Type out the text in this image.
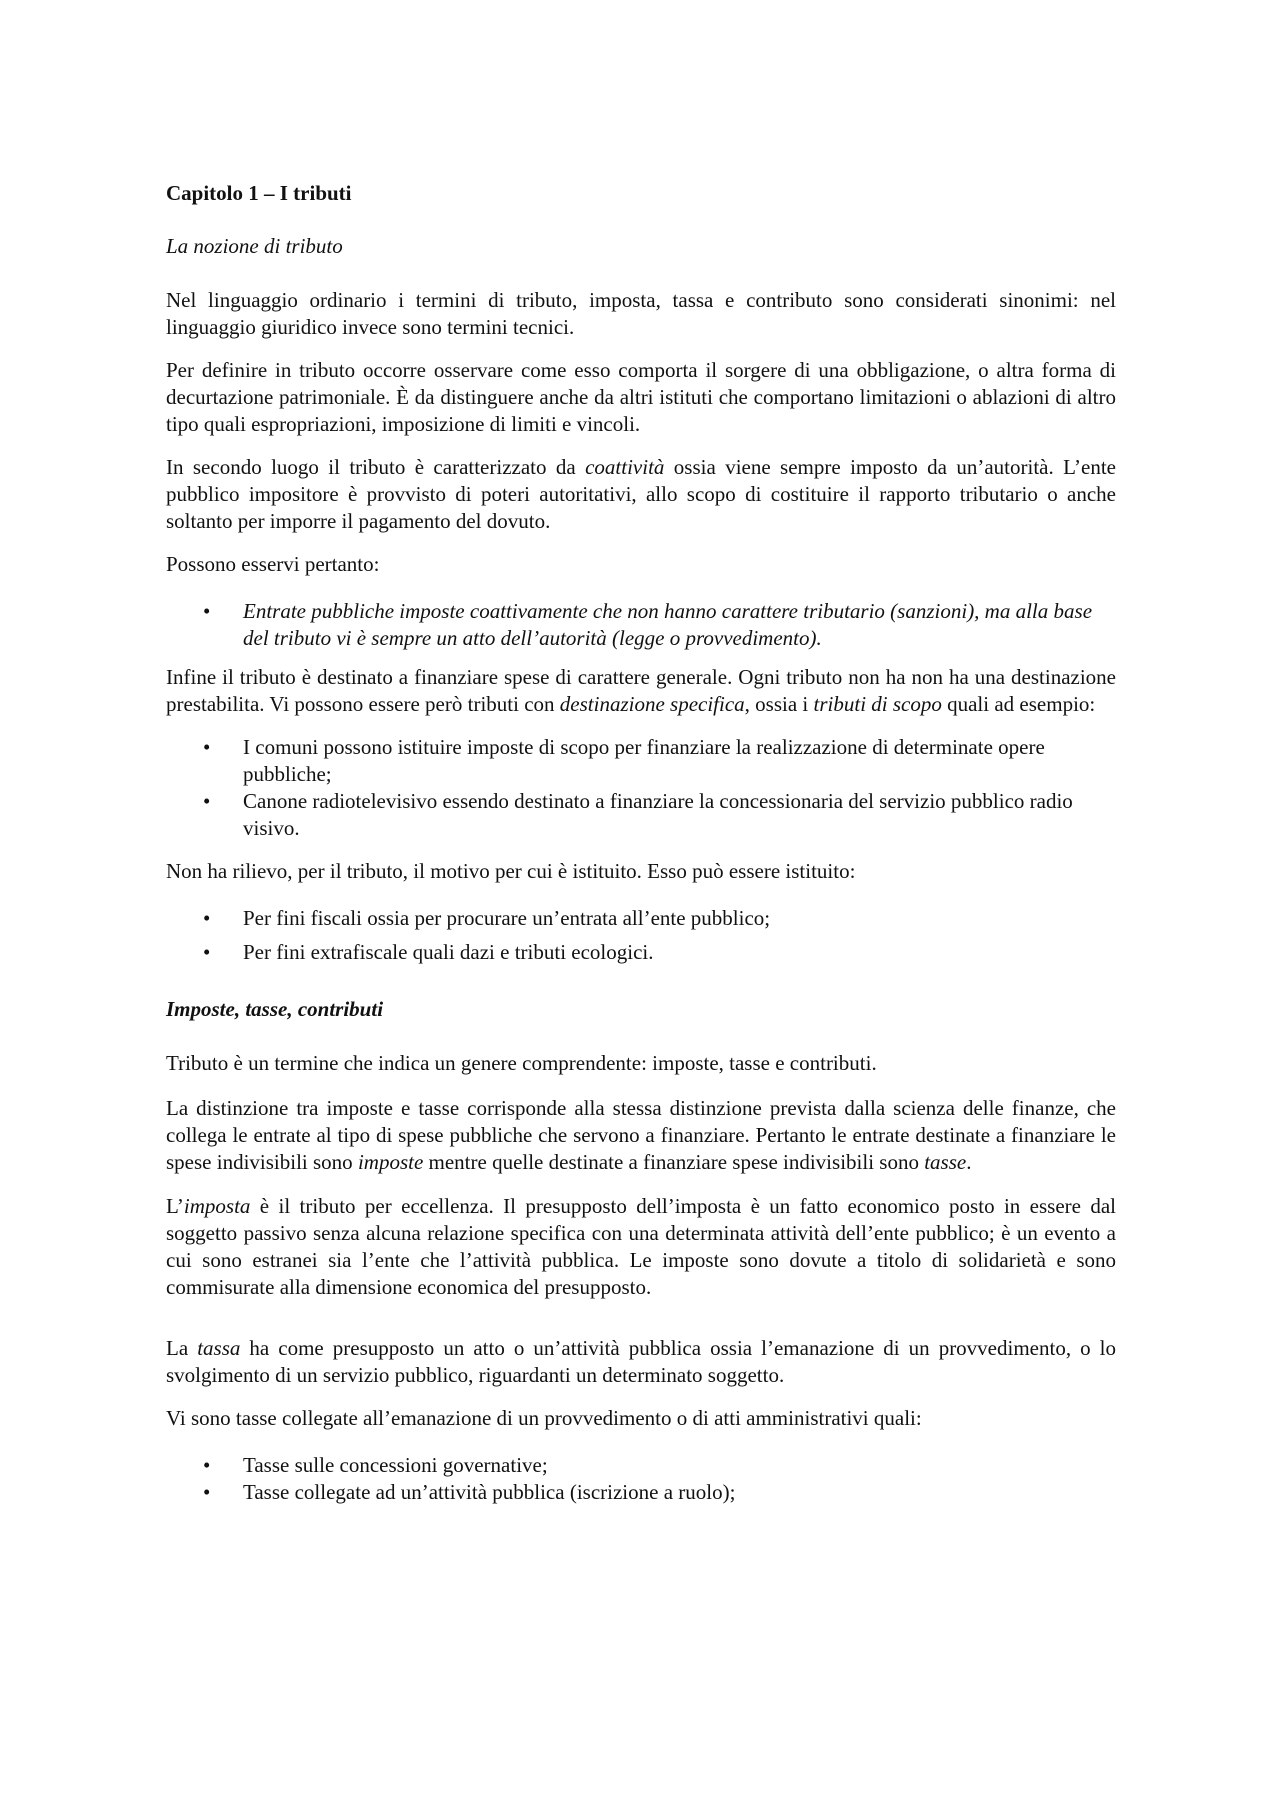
Capitolo 1 – I tributi

La nozione di tributo

Nel linguaggio ordinario i termini di tributo, imposta, tassa e contributo sono considerati sinonimi: nel linguaggio giuridico invece sono termini tecnici.

Per definire in tributo occorre osservare come esso comporta il sorgere di una obbligazione, o altra forma di decurtazione patrimoniale. È da distinguere anche da altri istituti che comportano limitazioni o ablazioni di altro tipo quali espropriazioni, imposizione di limiti e vincoli.

In secondo luogo il tributo è caratterizzato da coattività ossia viene sempre imposto da un’autorità. L’ente pubblico impositore è provvisto di poteri autoritativi, allo scopo di costituire il rapporto tributario o anche soltanto per imporre il pagamento del dovuto.

Possono esservi pertanto:

• Entrate pubbliche imposte coattivamente che non hanno carattere tributario (sanzioni), ma alla base del tributo vi è sempre un atto dell’autorità (legge o provvedimento).

Infine il tributo è destinato a finanziare spese di carattere generale. Ogni tributo non ha non ha una destinazione prestabilita. Vi possono essere però tributi con destinazione specifica, ossia i tributi di scopo quali ad esempio:

• I comuni possono istituire imposte di scopo per finanziare la realizzazione di determinate opere pubbliche;
• Canone radiotelevisivo essendo destinato a finanziare la concessionaria del servizio pubblico radio visivo.

Non ha rilievo, per il tributo, il motivo per cui è istituito. Esso può essere istituito:

• Per fini fiscali ossia per procurare un’entrata all’ente pubblico;
• Per fini extrafiscale quali dazi e tributi ecologici.

Imposte, tasse, contributi

Tributo è un termine che indica un genere comprendente: imposte, tasse e contributi.

La distinzione tra imposte e tasse corrisponde alla stessa distinzione prevista dalla scienza delle finanze, che collega le entrate al tipo di spese pubbliche che servono a finanziare. Pertanto le entrate destinate a finanziare le spese indivisibili sono imposte mentre quelle destinate a finanziare spese indivisibili sono tasse.

L’imposta è il tributo per eccellenza. Il presupposto dell’imposta è un fatto economico posto in essere dal soggetto passivo senza alcuna relazione specifica con una determinata attività dell’ente pubblico; è un evento a cui sono estranei sia l’ente che l’attività pubblica. Le imposte sono dovute a titolo di solidarietà e sono commisurate alla dimensione economica del presupposto.

La tassa ha come presupposto un atto o un’attività pubblica ossia l’emanazione di un provvedimento, o lo svolgimento di un servizio pubblico, riguardanti un determinato soggetto.

Vi sono tasse collegate all’emanazione di un provvedimento o di atti amministrativi quali:

• Tasse sulle concessioni governative;
• Tasse collegate ad un’attività pubblica (iscrizione a ruolo);
